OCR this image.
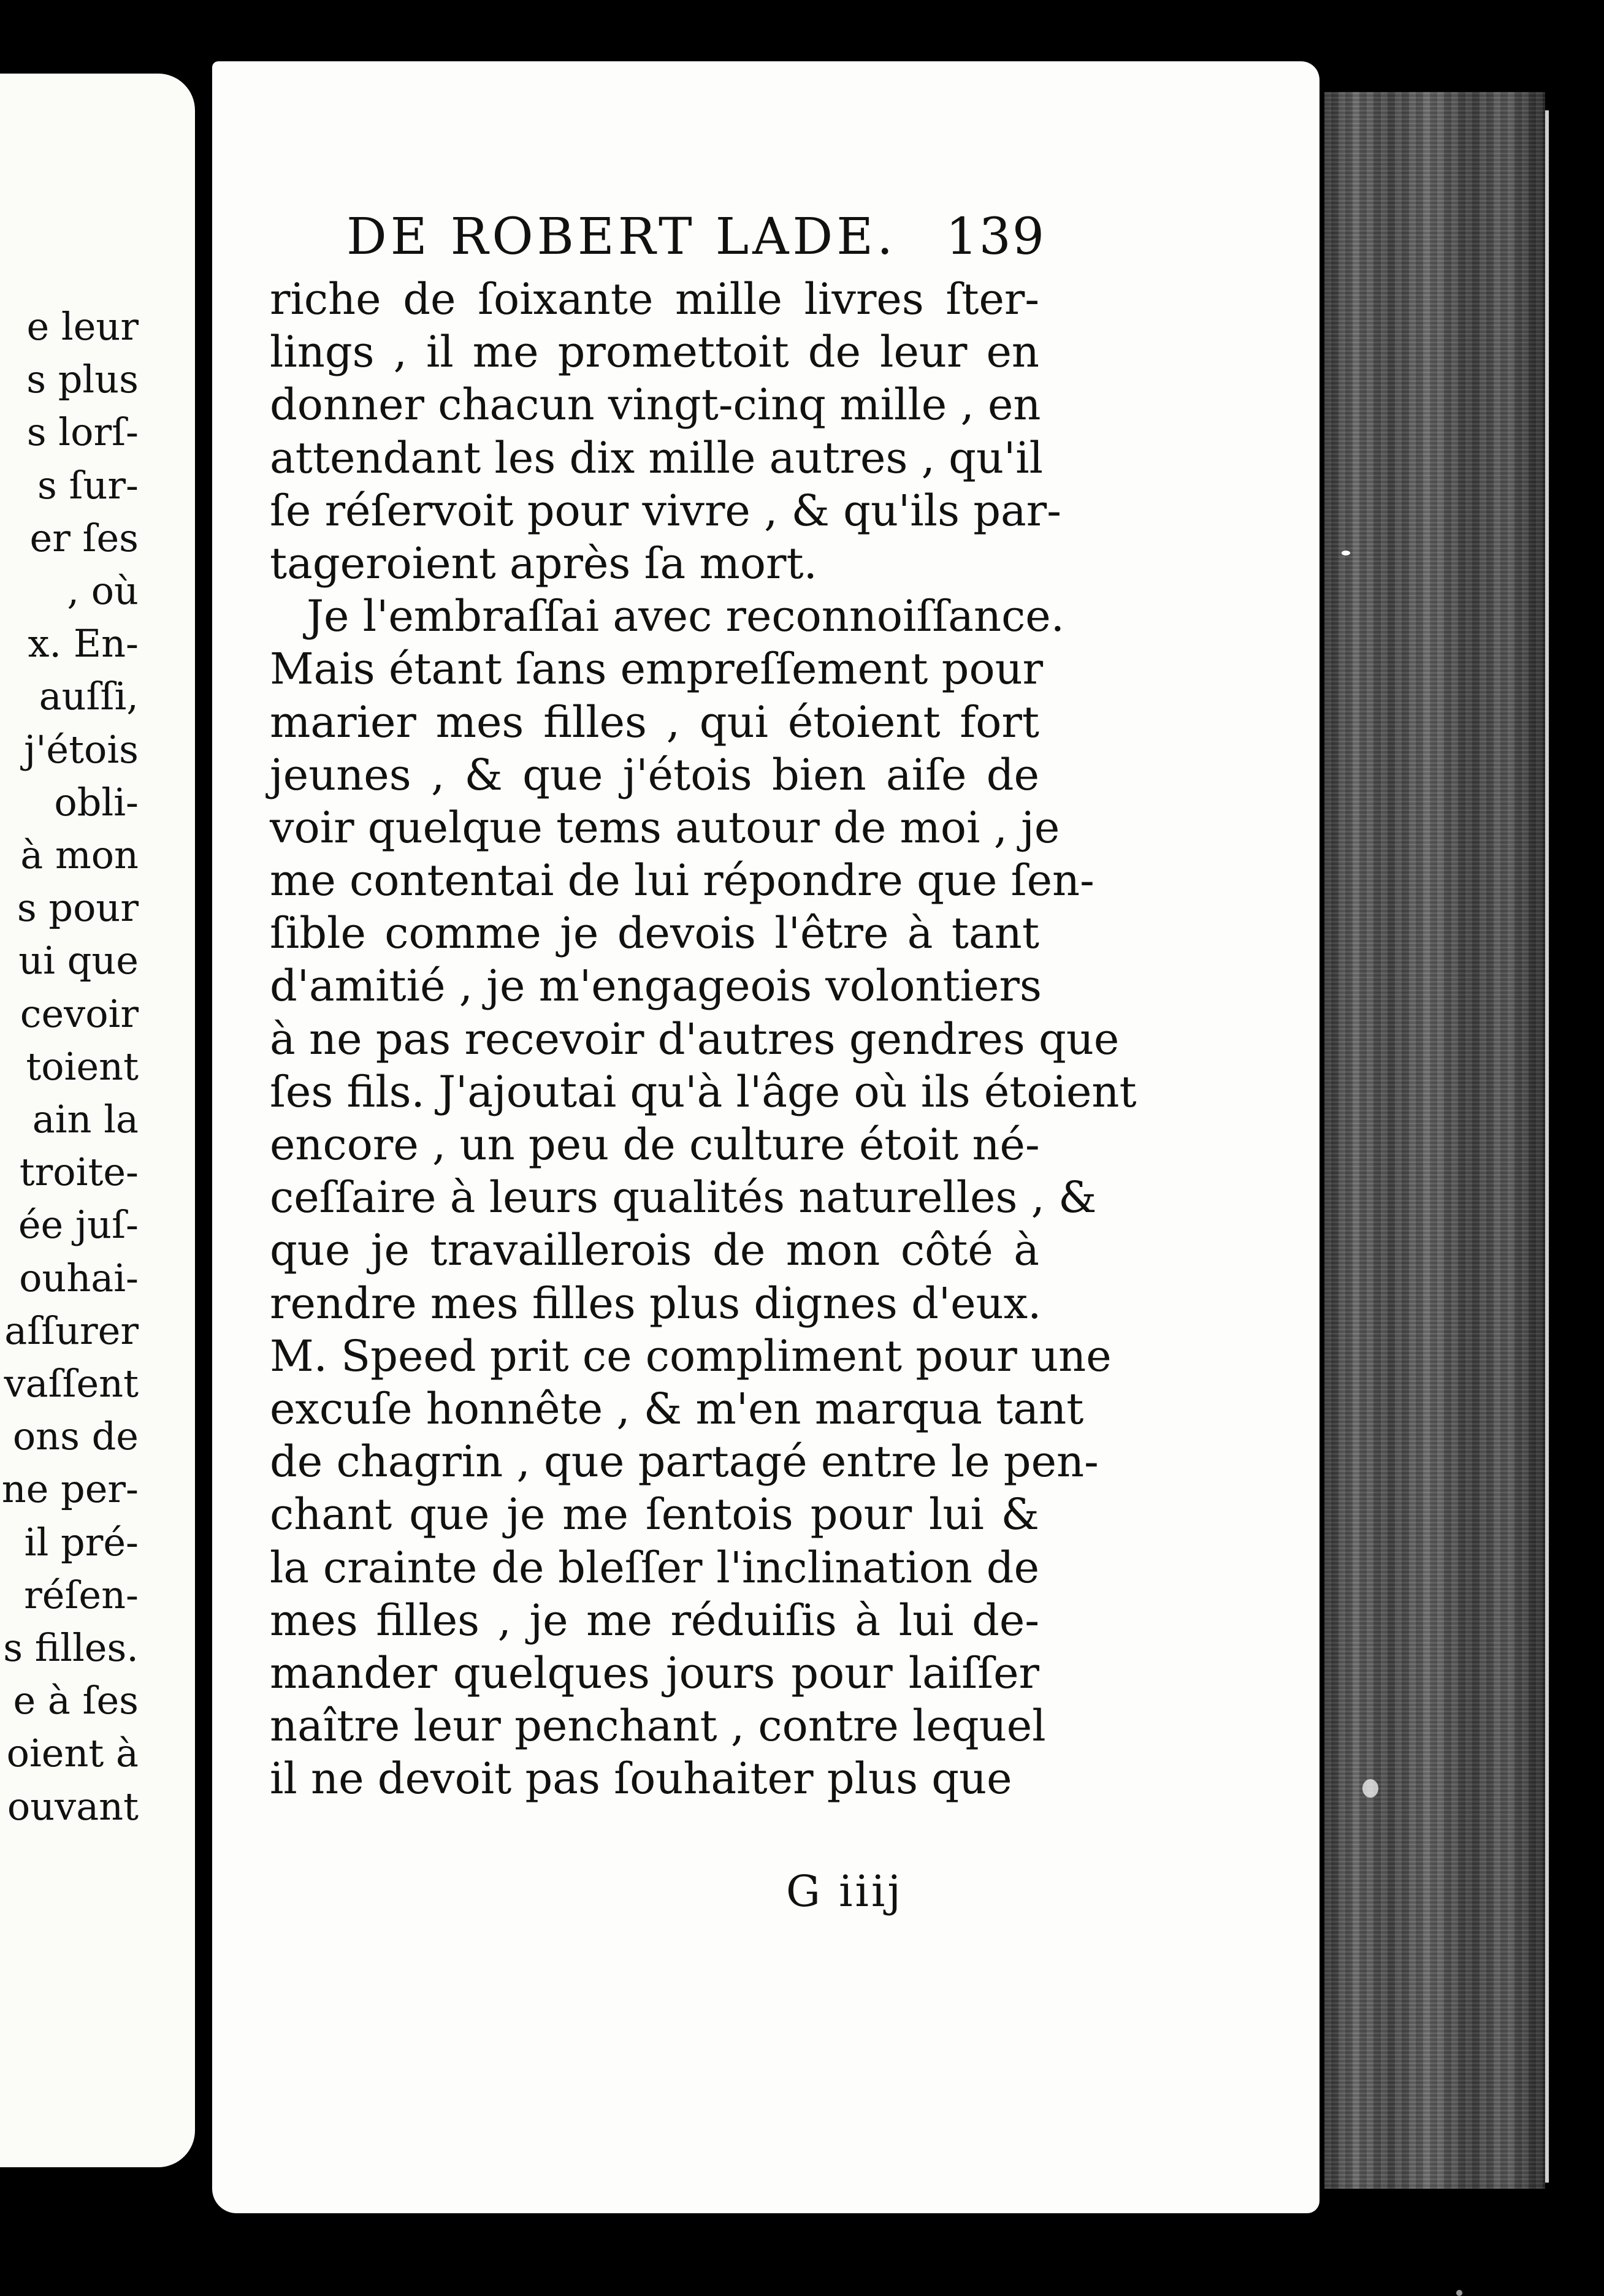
e leur
s plus
s lorſ-
s ſur-
er ſes
, où
x. En-
auſſi,
j'étois
obli-
à mon
s pour
ui que
cevoir
toient
ain la
troite-
ée juſ-
ouhai-
aſſurer
vaſſent
ons de
ne per-
il pré-
réſen-
s filles.
e à ſes
oient à
ouvant
DE ROBERT LADE. 139
riche de ſoixante mille livres ſter-
lings , il me promettoit de leur en
donner chacun vingt-cinq mille , en
attendant les dix mille autres , qu'il
ſe réſervoit pour vivre , & qu'ils par-
tageroient après ſa mort.
Je l'embraſſai avec reconnoiſſance.
Mais étant ſans empreſſement pour
marier mes filles , qui étoient fort
jeunes , & que j'étois bien aiſe de
voir quelque tems autour de moi , je
me contentai de lui répondre que ſen-
ſible comme je devois l'être à tant
d'amitié , je m'engageois volontiers
à ne pas recevoir d'autres gendres que
ſes fils. J'ajoutai qu'à l'âge où ils étoient
encore , un peu de culture étoit né-
ceſſaire à leurs qualités naturelles , &
que je travaillerois de mon côté à
rendre mes filles plus dignes d'eux.
M. Speed prit ce compliment pour une
excuſe honnête , & m'en marqua tant
de chagrin , que partagé entre le pen-
chant que je me ſentois pour lui &
la crainte de bleſſer l'inclination de
mes filles , je me réduiſis à lui de-
mander quelques jours pour laiſſer
naître leur penchant , contre lequel
il ne devoit pas ſouhaiter plus que
G iiij
